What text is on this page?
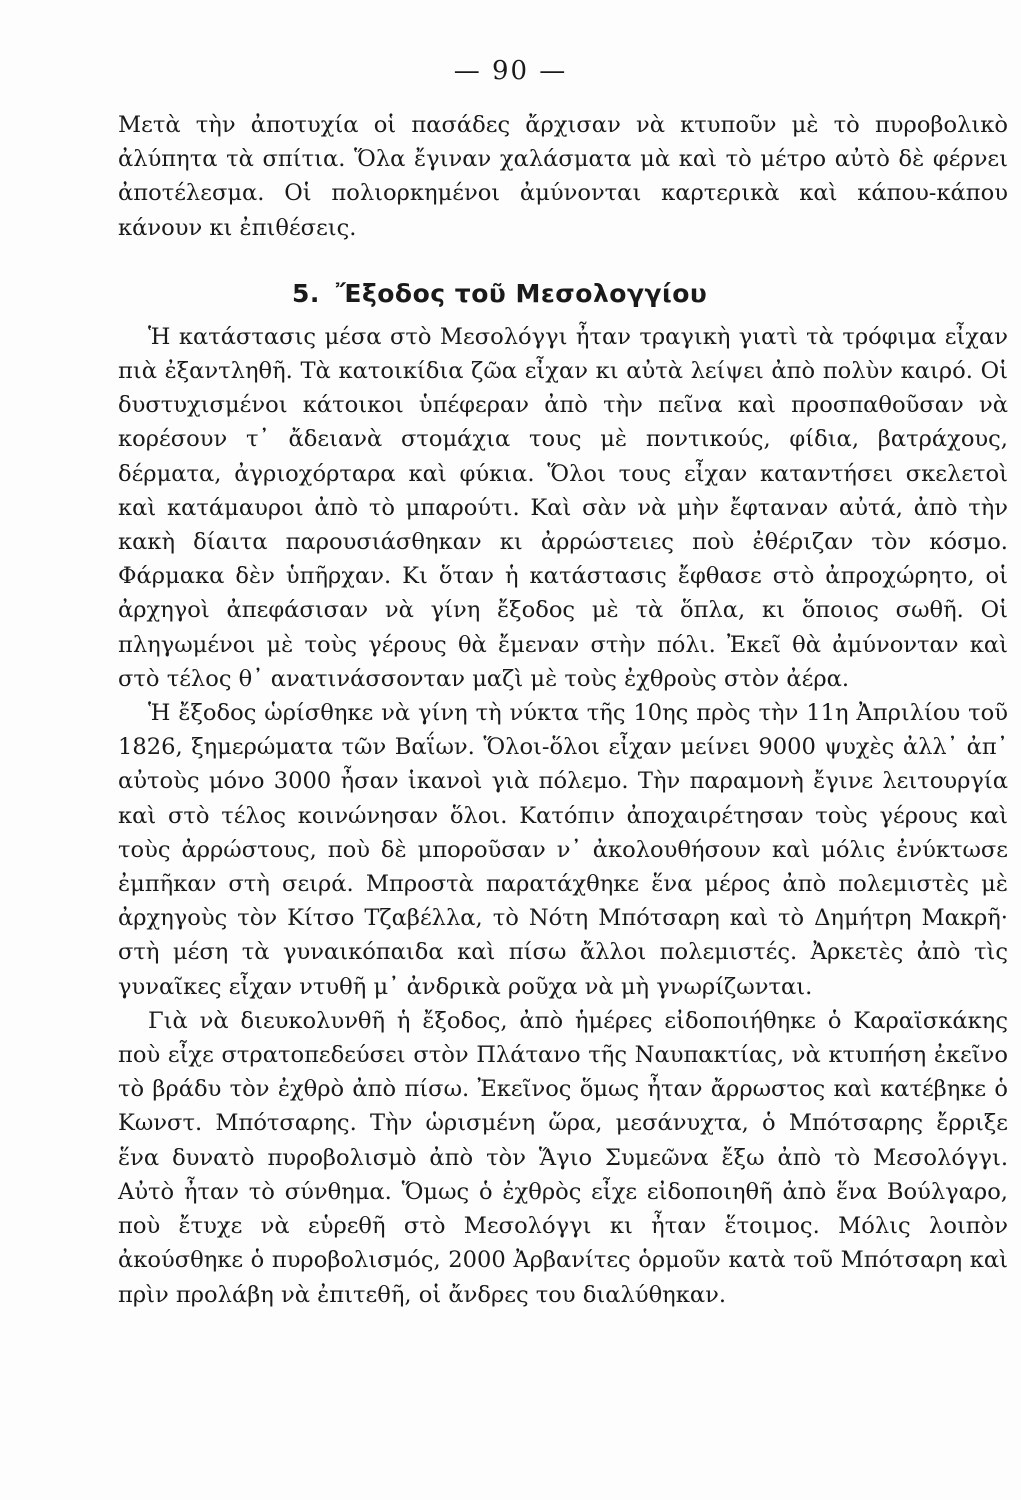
— 90 —

Μετὰ τὴν ἀποτυχία οἱ πασάδες ἄρχισαν νὰ κτυποῦν μὲ τὸ πυροβολικὸ ἀλύπητα τὰ σπίτια. Ὅλα ἔγιναν χαλάσματα μὰ καὶ τὸ μέτρο αὐτὸ δὲ φέρνει ἀποτέλεσμα. Οἱ πολιορκημένοι ἀμύνονται καρτερικὰ καὶ κάπου-κάπου κάνουν κι ἐπιθέσεις.

5. Ἔξοδος τοῦ Μεσολογγίου

Ἡ κατάστασις μέσα στὸ Μεσολόγγι ἦταν τραγικὴ γιατὶ τὰ τρόφιμα εἶχαν πιὰ ἐξαντληθῆ. Τὰ κατοικίδια ζῶα εἶχαν κι αὐτὰ λείψει ἀπὸ πολὺν καιρό. Οἱ δυστυχισμένοι κάτοικοι ὑπέφεραν ἀπὸ τὴν πεῖνα καὶ προσπαθοῦσαν νὰ κορέσουν τ᾽ ἄδειανὰ στομάχια τους μὲ ποντικούς, φίδια, βατράχους, δέρματα, ἀγριοχόρταρα καὶ φύκια. Ὅλοι τους εἶχαν καταντήσει σκελετοὶ καὶ κατάμαυροι ἀπὸ τὸ μπαρούτι. Καὶ σὰν νὰ μὴν ἔφταναν αὐτά, ἀπὸ τὴν κακὴ δίαιτα παρουσιάσθηκαν κι ἀρρώστειες ποὺ ἐθέριζαν τὸν κόσμο. Φάρμακα δὲν ὑπῆρχαν. Κι ὅταν ἡ κατάστασις ἔφθασε στὸ ἀπροχώρητο, οἱ ἀρχηγοὶ ἀπεφάσισαν νὰ γίνη ἔξοδος μὲ τὰ ὅπλα, κι ὅποιος σωθῆ. Οἱ πληγωμένοι μὲ τοὺς γέρους θὰ ἔμεναν στὴν πόλι. Ἐκεῖ θὰ ἀμύνονταν καὶ στὸ τέλος θ᾽ ανατινάσσονταν μαζὶ μὲ τοὺς ἐχθροὺς στὸν ἀέρα.

Ἡ ἔξοδος ὡρίσθηκε νὰ γίνη τὴ νύκτα τῆς 10ης πρὸς τὴν 11η Ἀπριλίου τοῦ 1826, ξημερώματα τῶν Βαΐων. Ὅλοι-ὅλοι εἶχαν μείνει 9000 ψυχὲς ἀλλ᾽ ἀπ᾽ αὐτοὺς μόνο 3000 ἦσαν ἱκανοὶ γιὰ πόλεμο. Τὴν παραμονὴ ἔγινε λειτουργία καὶ στὸ τέλος κοινώνησαν ὅλοι. Κατόπιν ἀποχαιρέτησαν τοὺς γέρους καὶ τοὺς ἀρρώστους, ποὺ δὲ μποροῦσαν ν᾽ ἀκολουθήσουν καὶ μόλις ἐνύκτωσε ἐμπῆκαν στὴ σειρά. Μπροστὰ παρατάχθηκε ἕνα μέρος ἀπὸ πολεμιστὲς μὲ ἀρχηγοὺς τὸν Κίτσο Τζαβέλλα, τὸ Νότη Μπότσαρη καὶ τὸ Δημήτρη Μακρῆ· στὴ μέση τὰ γυναικόπαιδα καὶ πίσω ἄλλοι πολεμιστές. Ἀρκετὲς ἀπὸ τὶς γυναῖκες εἶχαν ντυθῆ μ᾽ ἀνδρικὰ ροῦχα νὰ μὴ γνωρίζωνται.

Γιὰ νὰ διευκολυνθῆ ἡ ἔξοδος, ἀπὸ ἡμέρες εἰδοποιήθηκε ὁ Καραϊσκάκης ποὺ εἶχε στρατοπεδεύσει στὸν Πλάτανο τῆς Ναυπακτίας, νὰ κτυπήση ἐκεῖνο τὸ βράδυ τὸν ἐχθρὸ ἀπὸ πίσω. Ἐκεῖνος ὅμως ἦταν ἄρρωστος καὶ κατέβηκε ὁ Κωνστ. Μπότσαρης. Τὴν ὡρισμένη ὥρα, μεσάνυχτα, ὁ Μπότσαρης ἔρριξε ἕνα δυνατὸ πυροβολισμὸ ἀπὸ τὸν Ἅγιο Συμεῶνα ἔξω ἀπὸ τὸ Μεσολόγγι. Αὐτὸ ἦταν τὸ σύνθημα. Ὅμως ὁ ἐχθρὸς εἶχε εἰδοποιηθῆ ἀπὸ ἕνα Βούλγαρο, ποὺ ἔτυχε νὰ εὑρεθῆ στὸ Μεσολόγγι κι ἦταν ἕτοιμος. Μόλις λοιπὸν ἀκούσθηκε ὁ πυροβολισμός, 2000 Ἀρβανίτες ὁρμοῦν κατὰ τοῦ Μπότσαρη καὶ πρὶν προλάβη νὰ ἐπιτεθῆ, οἱ ἄνδρες του διαλύθηκαν.
